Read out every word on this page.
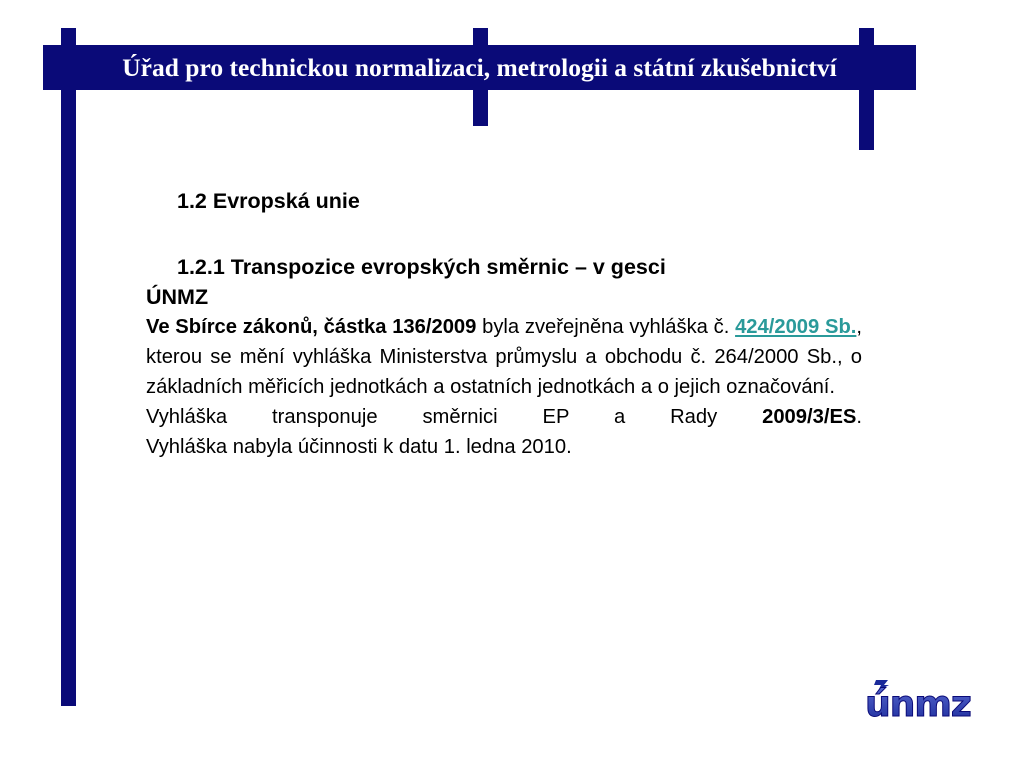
Úřad pro technickou normalizaci, metrologii a státní zkušebnictví

1.2 Evropská unie

1.2.1 Transpozice evropských směrnic – v gesci

ÚNMZ

Ve Sbírce zákonů, částka 136/2009 byla zveřejněna vyhláška č. 424/2009 Sb., kterou se mění vyhláška Ministerstva průmyslu a obchodu č. 264/2000 Sb., o základních měřicích jednotkách a ostatních jednotkách a o jejich označování.

Vyhláška transponuje směrnici EP a Rady 2009/3/ES.

Vyhláška nabyla účinnosti k datu 1. ledna 2010.

únmz
